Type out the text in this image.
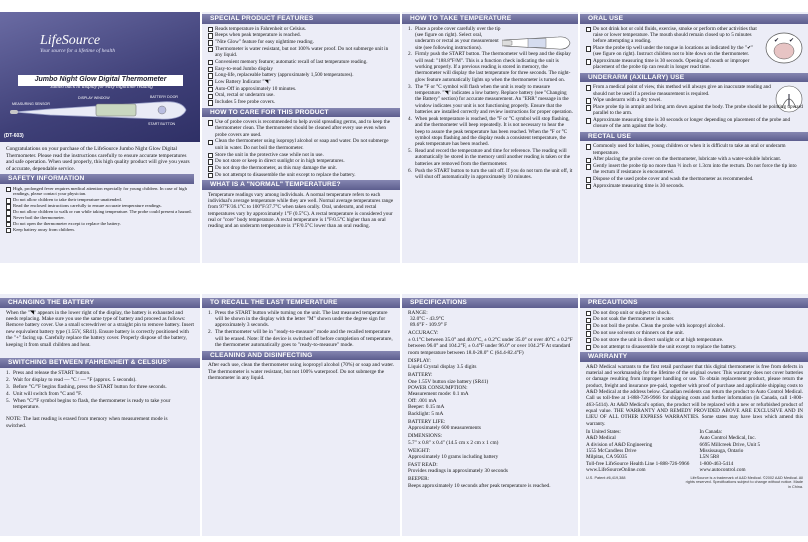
LifeSource
Your source for a lifetime of health
Jumbo Night Glow Digital Thermometer
Jumbo back lit display for easy nighttime reading
MEASURING SENSOR
DISPLAY WINDOW	BATTERY DOOR
START BUTTON
(DT-603)
Congratulations on your purchase of the LifeSource Jumbo Night Glow Digital Thermometer. Please read the instructions carefully to ensure accurate temperatures and safe operation. When used properly, this high quality product will give you years of accurate, dependable service.
SAFETY INFORMATION
High, prolonged fever requires medical attention especially for young children. In case of high readings, please contact your physician.
Do not allow children to take their temperature unattended.
Read the enclosed instructions carefully to ensure accurate temperature readings.
Do not allow children to walk or run while taking temperature. The probe could present a hazard.
Never boil the thermometer.
Do not open the thermometer except to replace the battery.
Keep battery away from children.
SPECIAL PRODUCT FEATURES
Reads temperature in Fahrenheit or Celsius.
Beeps when peak temperature is reached.
"Nite Glow" feature for easy nighttime reading.
Thermometer is water resistant, but not 100% water proof. Do not submerge unit in any liquid.
Convenient memory feature; automatic recall of last temperature reading.
Easy-to-read Jumbo display
Long-life, replaceable battery (approximately 1,500 temperatures).
Low Battery Indicator "◥"
Auto-Off in approximately 10 minutes.
Oral, rectal or underarm use.
Includes 5 free probe covers.
HOW TO CARE FOR THIS PRODUCT
Use of probe covers is recommended to help avoid spreading germs, and to keep the thermometer clean. The thermometer should be cleaned after every use even when probe covers are used.
Clean the thermometer using isopropyl alcohol or soap and water. Do not submerge unit in water. Do not boil the thermometer.
Store the unit in the protective case while not in use.
Do not store or keep in direct sunlight or in high temperatures.
Do not drop the thermometer, as this may damage the unit.
Do not attempt to disassemble the unit except to replace the battery.
WHAT IS A "NORMAL" TEMPERATURE?
Temperature readings vary among individuals. A normal temperature refers to each individual's average temperature while they are well. Normal average temperatures range from 97°F/36.1°C to 100°F/37.7°C when taken orally. Oral, underarm, and rectal temperatures vary by approximately 1°F (0.5°C). A rectal temperature is considered your real or "core" body temperature. A rectal temperature is 1°F/0.5°C higher than an oral reading and an underarm temperature is 1°F/0.5°C lower than an oral reading.
HOW TO TAKE TEMPERATURE
Place a probe cover carefully over the tip (see figure on right). Select oral, underarm or rectal as your measurement site (see following instructions).
Firmly push the START button. The thermometer will beep and the display will read: "188.8°F/M". This is a function check indicating the unit is working properly. If a previous reading is stored in memory, the thermometer will display the last temperature for three seconds. The night-glow feature automatically lights up when the thermometer is turned on.
The °F or °C symbol will flash when the unit is ready to measure temperature. "◥" indicates a low battery. Replace battery (see "Changing the Battery" section) for accurate measurement. An "ERR" message in the window indicates your unit is not functioning properly. Ensure that the batteries are installed correctly and review instructions for proper operation.
When peak temperature is reached, the °F or °C symbol will stop flashing, and the thermometer will beep repeatedly. It is not necessary to hear the beep to assure the peak temperature has been reached. When the °F or °C symbol stops flashing and the display reads a consistent temperature, the peak temperature has been reached.
Read and record the temperature and time for reference. The reading will automatically be stored in the memory until another reading is taken or the batteries are removed from the thermometer.
Push the START button to turn the unit off. If you do not turn the unit off, it will shut off automatically in approximately 10 minutes.
ORAL USE
✔ ✔
Do not drink hot or cold fluids, exercise, smoke or perform other activities that raise or lower temperature. The mouth should remain closed up to 5 minutes before attempting a reading.
Place the probe tip well under the tongue in locations as indicated by the "✔" (see figure on right). Instruct children not to bite down on the thermometer.
Approximate measuring time is 30 seconds. Opening of mouth or improper placement of the probe tip can result in longer read time.
UNDERARM (AXILLARY) USE
From a medical point of view, this method will always give an inaccurate reading and should not be used if a precise measurement is required.
Wipe underarm with a dry towel.
Place probe tip in armpit and bring arm down against the body. The probe should be pointing upward parallel to the arm.
Approximate measuring time is 30 seconds or longer depending on placement of the probe and closure of the arm against the body.
RECTAL USE
Commonly used for babies, young children or when it is difficult to take an oral or underarm temperature.
After placing the probe cover on the thermometer, lubricate with a water-soluble lubricant.
Gently insert the probe tip no more than ½ inch or 1.3cm into the rectum. Do not force the tip into the rectum if resistance is encountered.
Dispose of the used probe cover and wash the thermometer as recommended.
Approximate measuring time is 30 seconds.
CHANGING THE BATTERY
When the "◥" appears in the lower right of the display, the battery is exhausted and needs replacing. Make sure you use the same type of battery and proceed as follows: Remove battery cover. Use a small screwdriver or a straight pin to remove battery. Insert new equivalent battery type (1.55V, SR41). Ensure battery is correctly positioned with the "+" facing up. Carefully replace the battery cover. Properly dispose of the battery, keeping it from small children and heat.
SWITCHING BETWEEN FAHRENHEIT & CELSIUS°
Press and release the START button.
Wait for display to read — °C / — °F (approx. 5 seconds).
Before °C/°F begins flashing, press the START button for three seconds.
Unit will switch from °C and °F.
When °C/°F symbol begins to flash, the thermometer is ready to take your temperature.
NOTE: The last reading is erased from memory when measurement mode is switched.
TO RECALL THE LAST TEMPERATURE
Press the START button while turning on the unit. The last measured temperature will be shown in the display with the letter "M" shown under the degree sign for approximately 3 seconds.
The thermometer will be in "ready-to-measure" mode and the recalled temperature will be erased. Note: If the device is switched off before completion of temperature, the thermometer automatically goes to "ready-to-measure" mode.
CLEANING AND DISINFECTING
After each use, clean the thermometer using isopropyl alcohol (70%) or soap and water. The thermometer is water resistant, but not 100% waterproof. Do not submerge the thermometer in any liquid.
SPECIFICATIONS
RANGE:
32.0°C - 43.9°C
89.6°F - 109.9° F
ACCURACY:
± 0.1°C between 35.0° and 40.0°C, ± 0.2°C under 35.0° or over 40°C ± 0.2°F between 96.0° and 104.2°F, ± 0.4°F under 96.0° or over 104.2°F At standard room temperature between 18.0-28.0° C (64.4-82.4°F)
DISPLAY:
Liquid Crystal display 3.5 digits
BATTERY:
One 1.55V button size battery (SR41)
POWER CONSUMPTION:
Measurement mode: 0.1 mA
Off: .001 mA
Beeper: 0.15 mA
Backlight: 5 mA
BATTERY LIFE:
Approximately 600 measurements
DIMENSIONS:
5.7" x 0.8" x 0.4" (14.5 cm x 2 cm x 1 cm)
WEIGHT:
Approximately 10 grams including battery
FAST READ:
Provides readings in approximately 30 seconds
BEEPER:
Beeps approximately 10 seconds after peak temperature is reached.
PRECAUTIONS
Do not drop unit or subject to shock.
Do not soak the thermometer in water.
Do not boil the probe. Clean the probe with isopropyl alcohol.
Do not use solvents or thinners on the unit.
Do not store the unit in direct sunlight or at high temperature.
Do not attempt to disassemble the unit except to replace the battery.
WARRANTY
A&D Medical warrants to the first retail purchaser that this digital thermometer is free from defects in material and workmanship for the lifetime of the original owner. This warranty does not cover batteries or damage resulting from improper handling or use. To obtain replacement product, please return the product, freight and insurance pre-paid, together with proof of purchase and applicable shipping costs to A&D Medical at the address below. Canadian residents can return the product to Auto Control Medical. Call us toll-free at 1-888-726-9966 for shipping costs and further information (in Canada, call 1-800-463-5414). At A&D Medical's option, the product will be replaced with a new or refurbished product of equal value. THE WARRANTY AND REMEDY PROVIDED ABOVE ARE EXCLUSIVE AND IN LIEU OF ALL OTHER EXPRESS WARRANTIES. Some states may have laws which amend this warranty.
In United States:
A&D Medical
A division of A&D Engineering
1555 McCandless Drive
Milpitas, CA 95035
Toll-free LifeSource Health Line 1-888-726-9966
www.LifeSourceOnline.com
In Canada:
Auto Control Medical, Inc.
6695 Millcreek Drive, Unit 5
Mississauga, Ontario
L5N 5R8
1-800-463-5414
www.autocontrol.com
U.S. Patent #6,419,388	LifeSource is a trademark of A&D Medical. ©2002 A&D Medical. All rights reserved. Specifications subject to change without notice. Made in China.
